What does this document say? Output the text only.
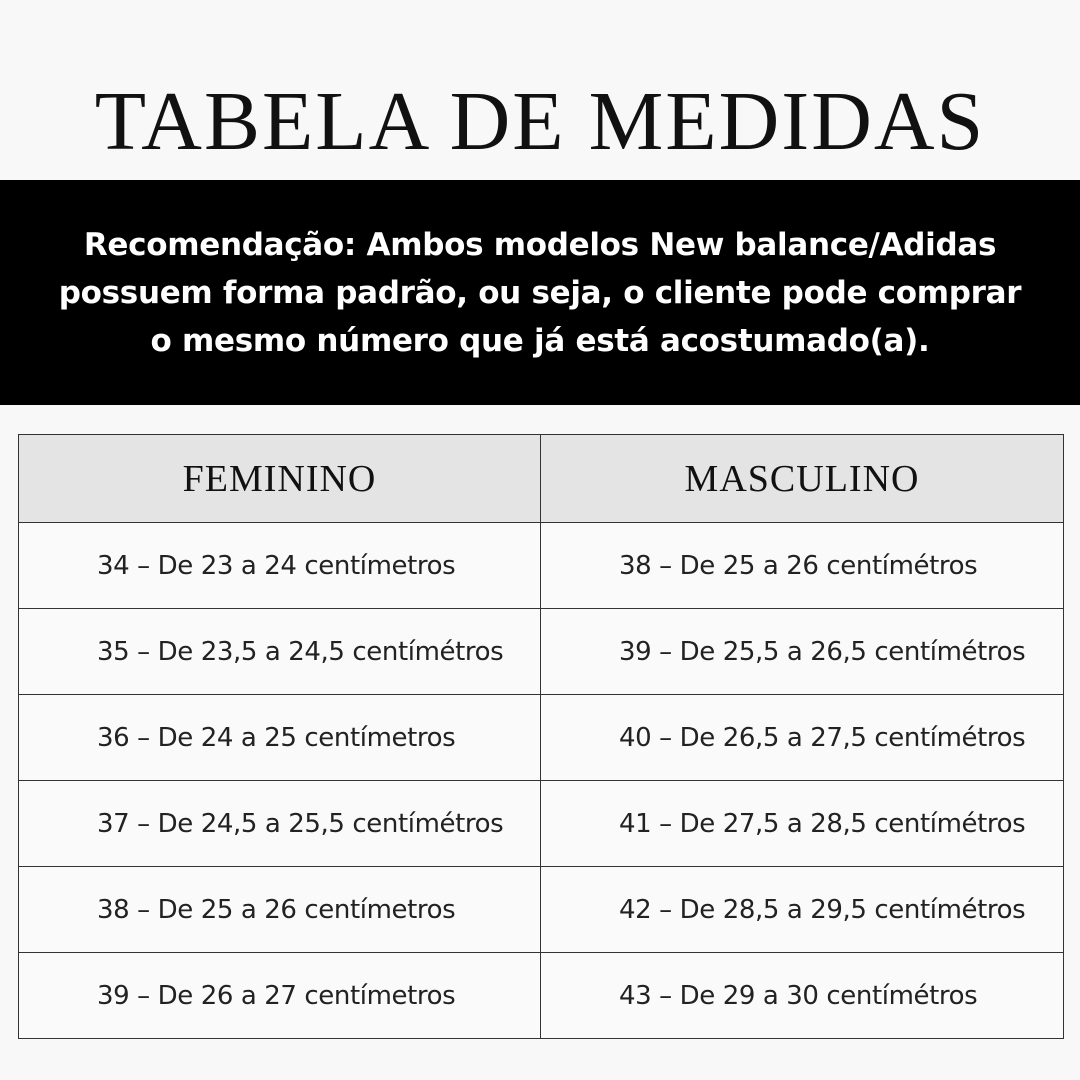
TABELA DE MEDIDAS
Recomendação: Ambos modelos New balance/Adidas
possuem forma padrão, ou seja, o cliente pode comprar
o mesmo número que já está acostumado(a).
FEMININO	MASCULINO
34 – De 23 a 24 centímetros	38 – De 25 a 26 centímétros
35 – De 23,5 a 24,5 centímétros	39 – De 25,5 a 26,5 centímétros
36 – De 24 a 25 centímetros	40 – De 26,5 a 27,5 centímétros
37 – De 24,5 a 25,5 centímétros	41 – De 27,5 a 28,5 centímétros
38 – De 25 a 26 centímetros	42 – De 28,5 a 29,5 centímétros
39 – De 26 a 27 centímetros	43 – De 29 a 30 centímétros
